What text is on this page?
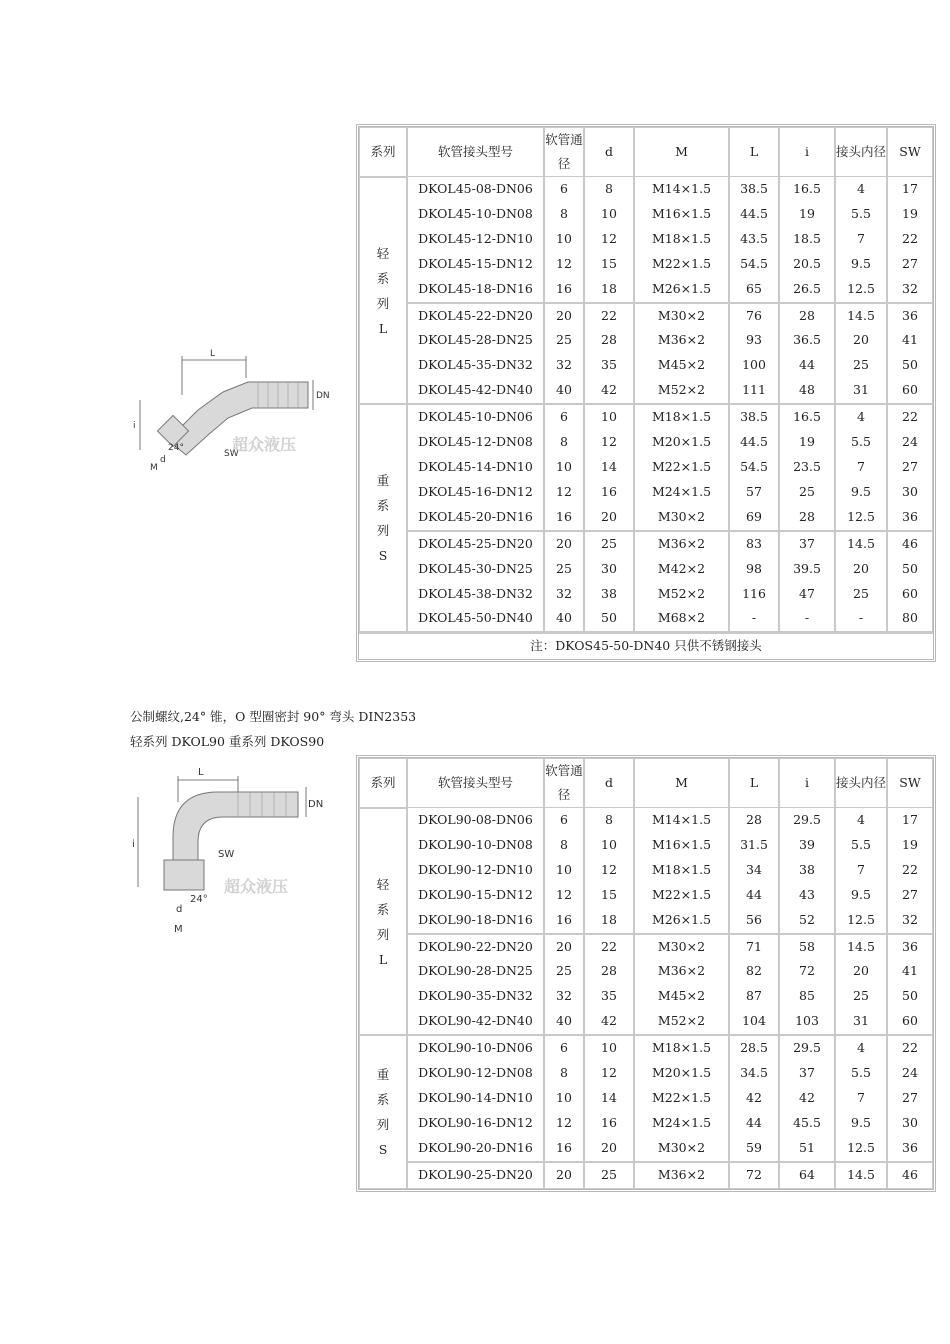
L
DN
i
24°
d
M
SW
超众液压
系列	软管接头型号	软管通径	d	M	L	i	接头内径	SW
轻系列L	DKOL45-08-DN06	6	8	M14×1.5	38.5	16.5	4	17
	DKOL45-10-DN08	8	10	M16×1.5	44.5	19	5.5	19
	DKOL45-12-DN10	10	12	M18×1.5	43.5	18.5	7	22
	DKOL45-15-DN12	12	15	M22×1.5	54.5	20.5	9.5	27
	DKOL45-18-DN16	16	18	M26×1.5	65	26.5	12.5	32
	DKOL45-22-DN20	20	22	M30×2	76	28	14.5	36
	DKOL45-28-DN25	25	28	M36×2	93	36.5	20	41
	DKOL45-35-DN32	32	35	M45×2	100	44	25	50
	DKOL45-42-DN40	40	42	M52×2	111	48	31	60
重系列S	DKOL45-10-DN06	6	10	M18×1.5	38.5	16.5	4	22
	DKOL45-12-DN08	8	12	M20×1.5	44.5	19	5.5	24
	DKOL45-14-DN10	10	14	M22×1.5	54.5	23.5	7	27
	DKOL45-16-DN12	12	16	M24×1.5	57	25	9.5	30
	DKOL45-20-DN16	16	20	M30×2	69	28	12.5	36
	DKOL45-25-DN20	20	25	M36×2	83	37	14.5	46
	DKOL45-30-DN25	25	30	M42×2	98	39.5	20	50
	DKOL45-38-DN32	32	38	M52×2	116	47	25	60
	DKOL45-50-DN40	40	50	M68×2	-	-	-	80
注：DKOS45-50-DN40 只供不锈钢接头								
公制螺纹,24° 锥，O 型圈密封 90° 弯头 DIN2353
轻系列 DKOL90 重系列 DKOS90
L
DN
i
SW
d
24°
M
超众液压
系列	软管接头型号	软管通径	d	M	L	i	接头内径	SW
轻系列L	DKOL90-08-DN06	6	8	M14×1.5	28	29.5	4	17
	DKOL90-10-DN08	8	10	M16×1.5	31.5	39	5.5	19
	DKOL90-12-DN10	10	12	M18×1.5	34	38	7	22
	DKOL90-15-DN12	12	15	M22×1.5	44	43	9.5	27
	DKOL90-18-DN16	16	18	M26×1.5	56	52	12.5	32
	DKOL90-22-DN20	20	22	M30×2	71	58	14.5	36
	DKOL90-28-DN25	25	28	M36×2	82	72	20	41
	DKOL90-35-DN32	32	35	M45×2	87	85	25	50
	DKOL90-42-DN40	40	42	M52×2	104	103	31	60
重系列S	DKOL90-10-DN06	6	10	M18×1.5	28.5	29.5	4	22
	DKOL90-12-DN08	8	12	M20×1.5	34.5	37	5.5	24
	DKOL90-14-DN10	10	14	M22×1.5	42	42	7	27
	DKOL90-16-DN12	12	16	M24×1.5	44	45.5	9.5	30
	DKOL90-20-DN16	16	20	M30×2	59	51	12.5	36
	DKOL90-25-DN20	20	25	M36×2	72	64	14.5	46
